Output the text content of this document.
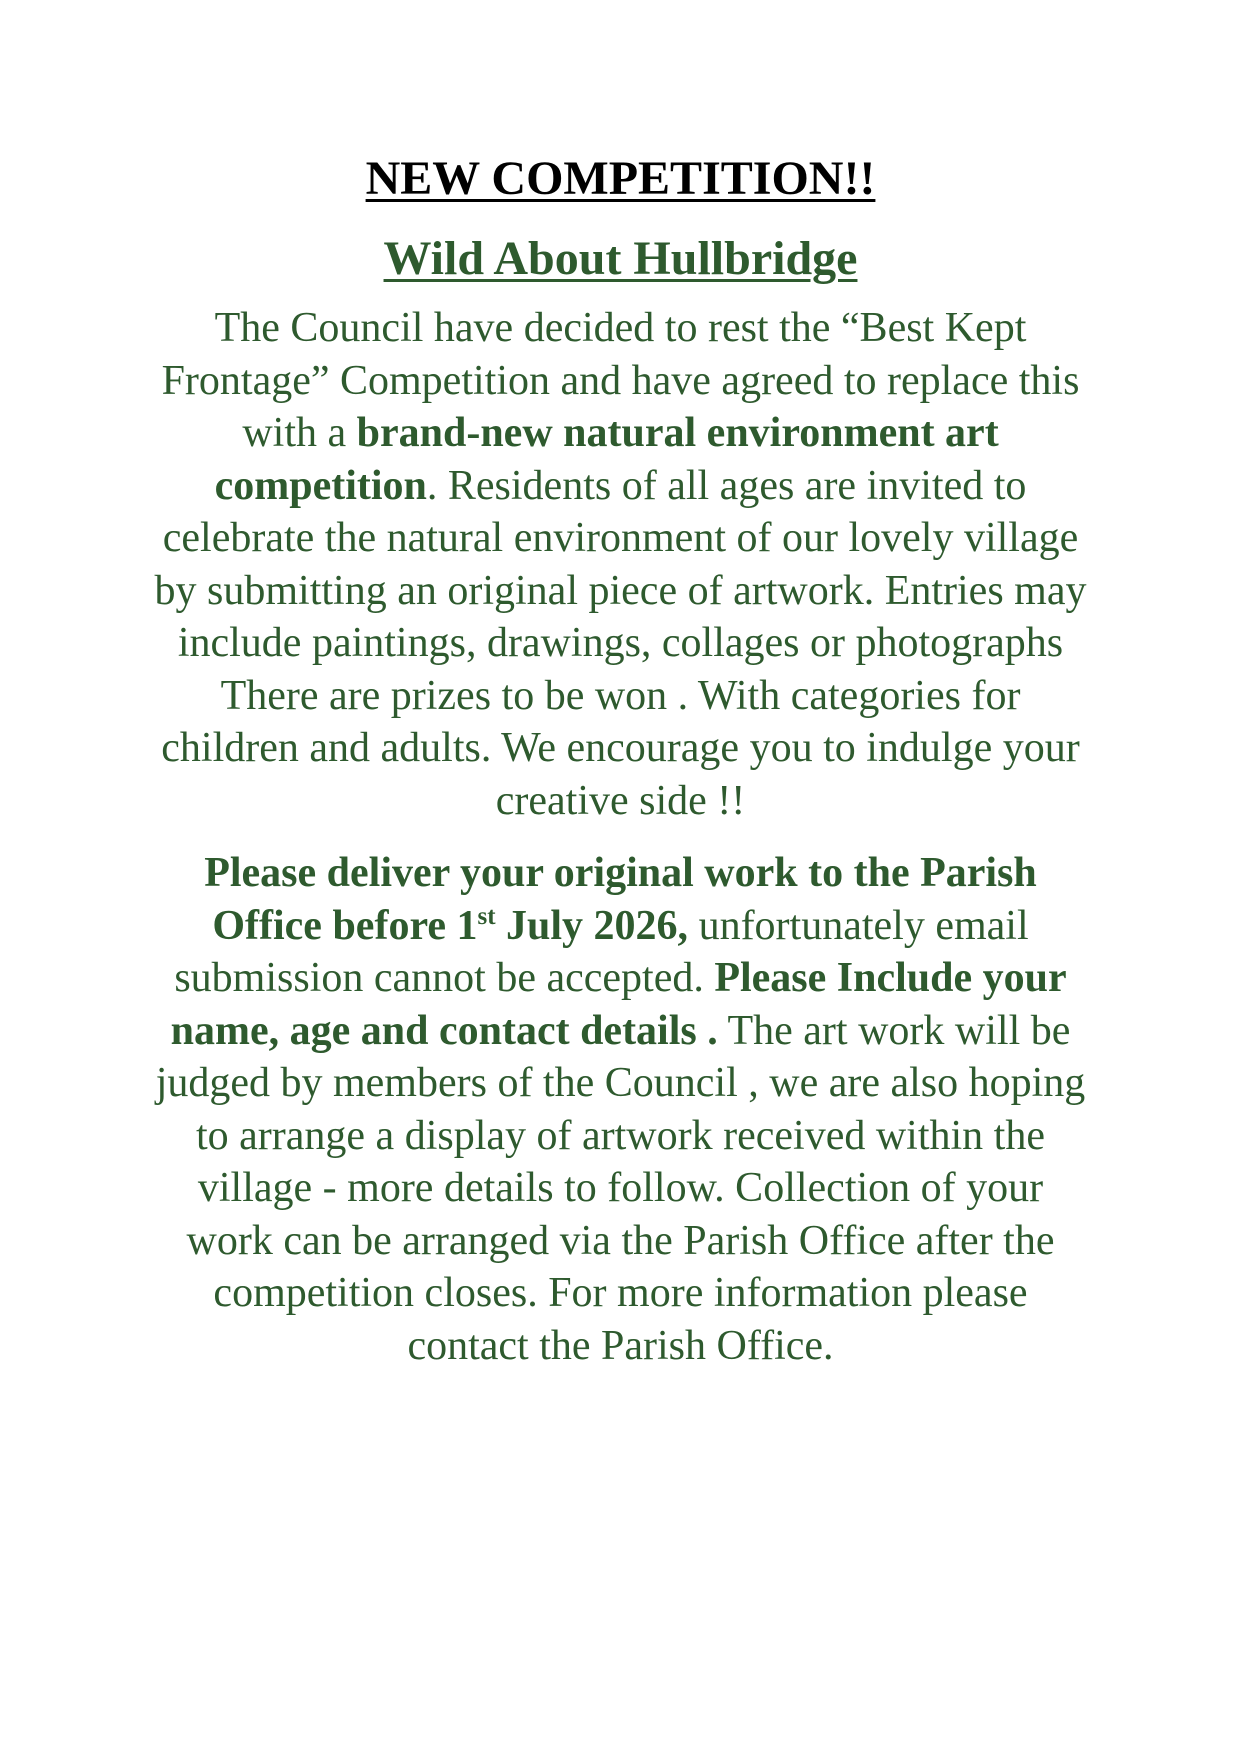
NEW COMPETITION!!
Wild About Hullbridge

The Council have decided to rest the “Best Kept Frontage” Competition and have agreed to replace this with a brand-new natural environment art competition. Residents of all ages are invited to celebrate the natural environment of our lovely village by submitting an original piece of artwork. Entries may include paintings, drawings, collages or photographs There are prizes to be won . With categories for children and adults. We encourage you to indulge your creative side !!

Please deliver your original work to the Parish Office before 1st July 2026, unfortunately email submission cannot be accepted. Please Include your name, age and contact details . The art work will be judged by members of the Council , we are also hoping to arrange a display of artwork received within the village - more details to follow. Collection of your work can be arranged via the Parish Office after the competition closes. For more information please contact the Parish Office.
